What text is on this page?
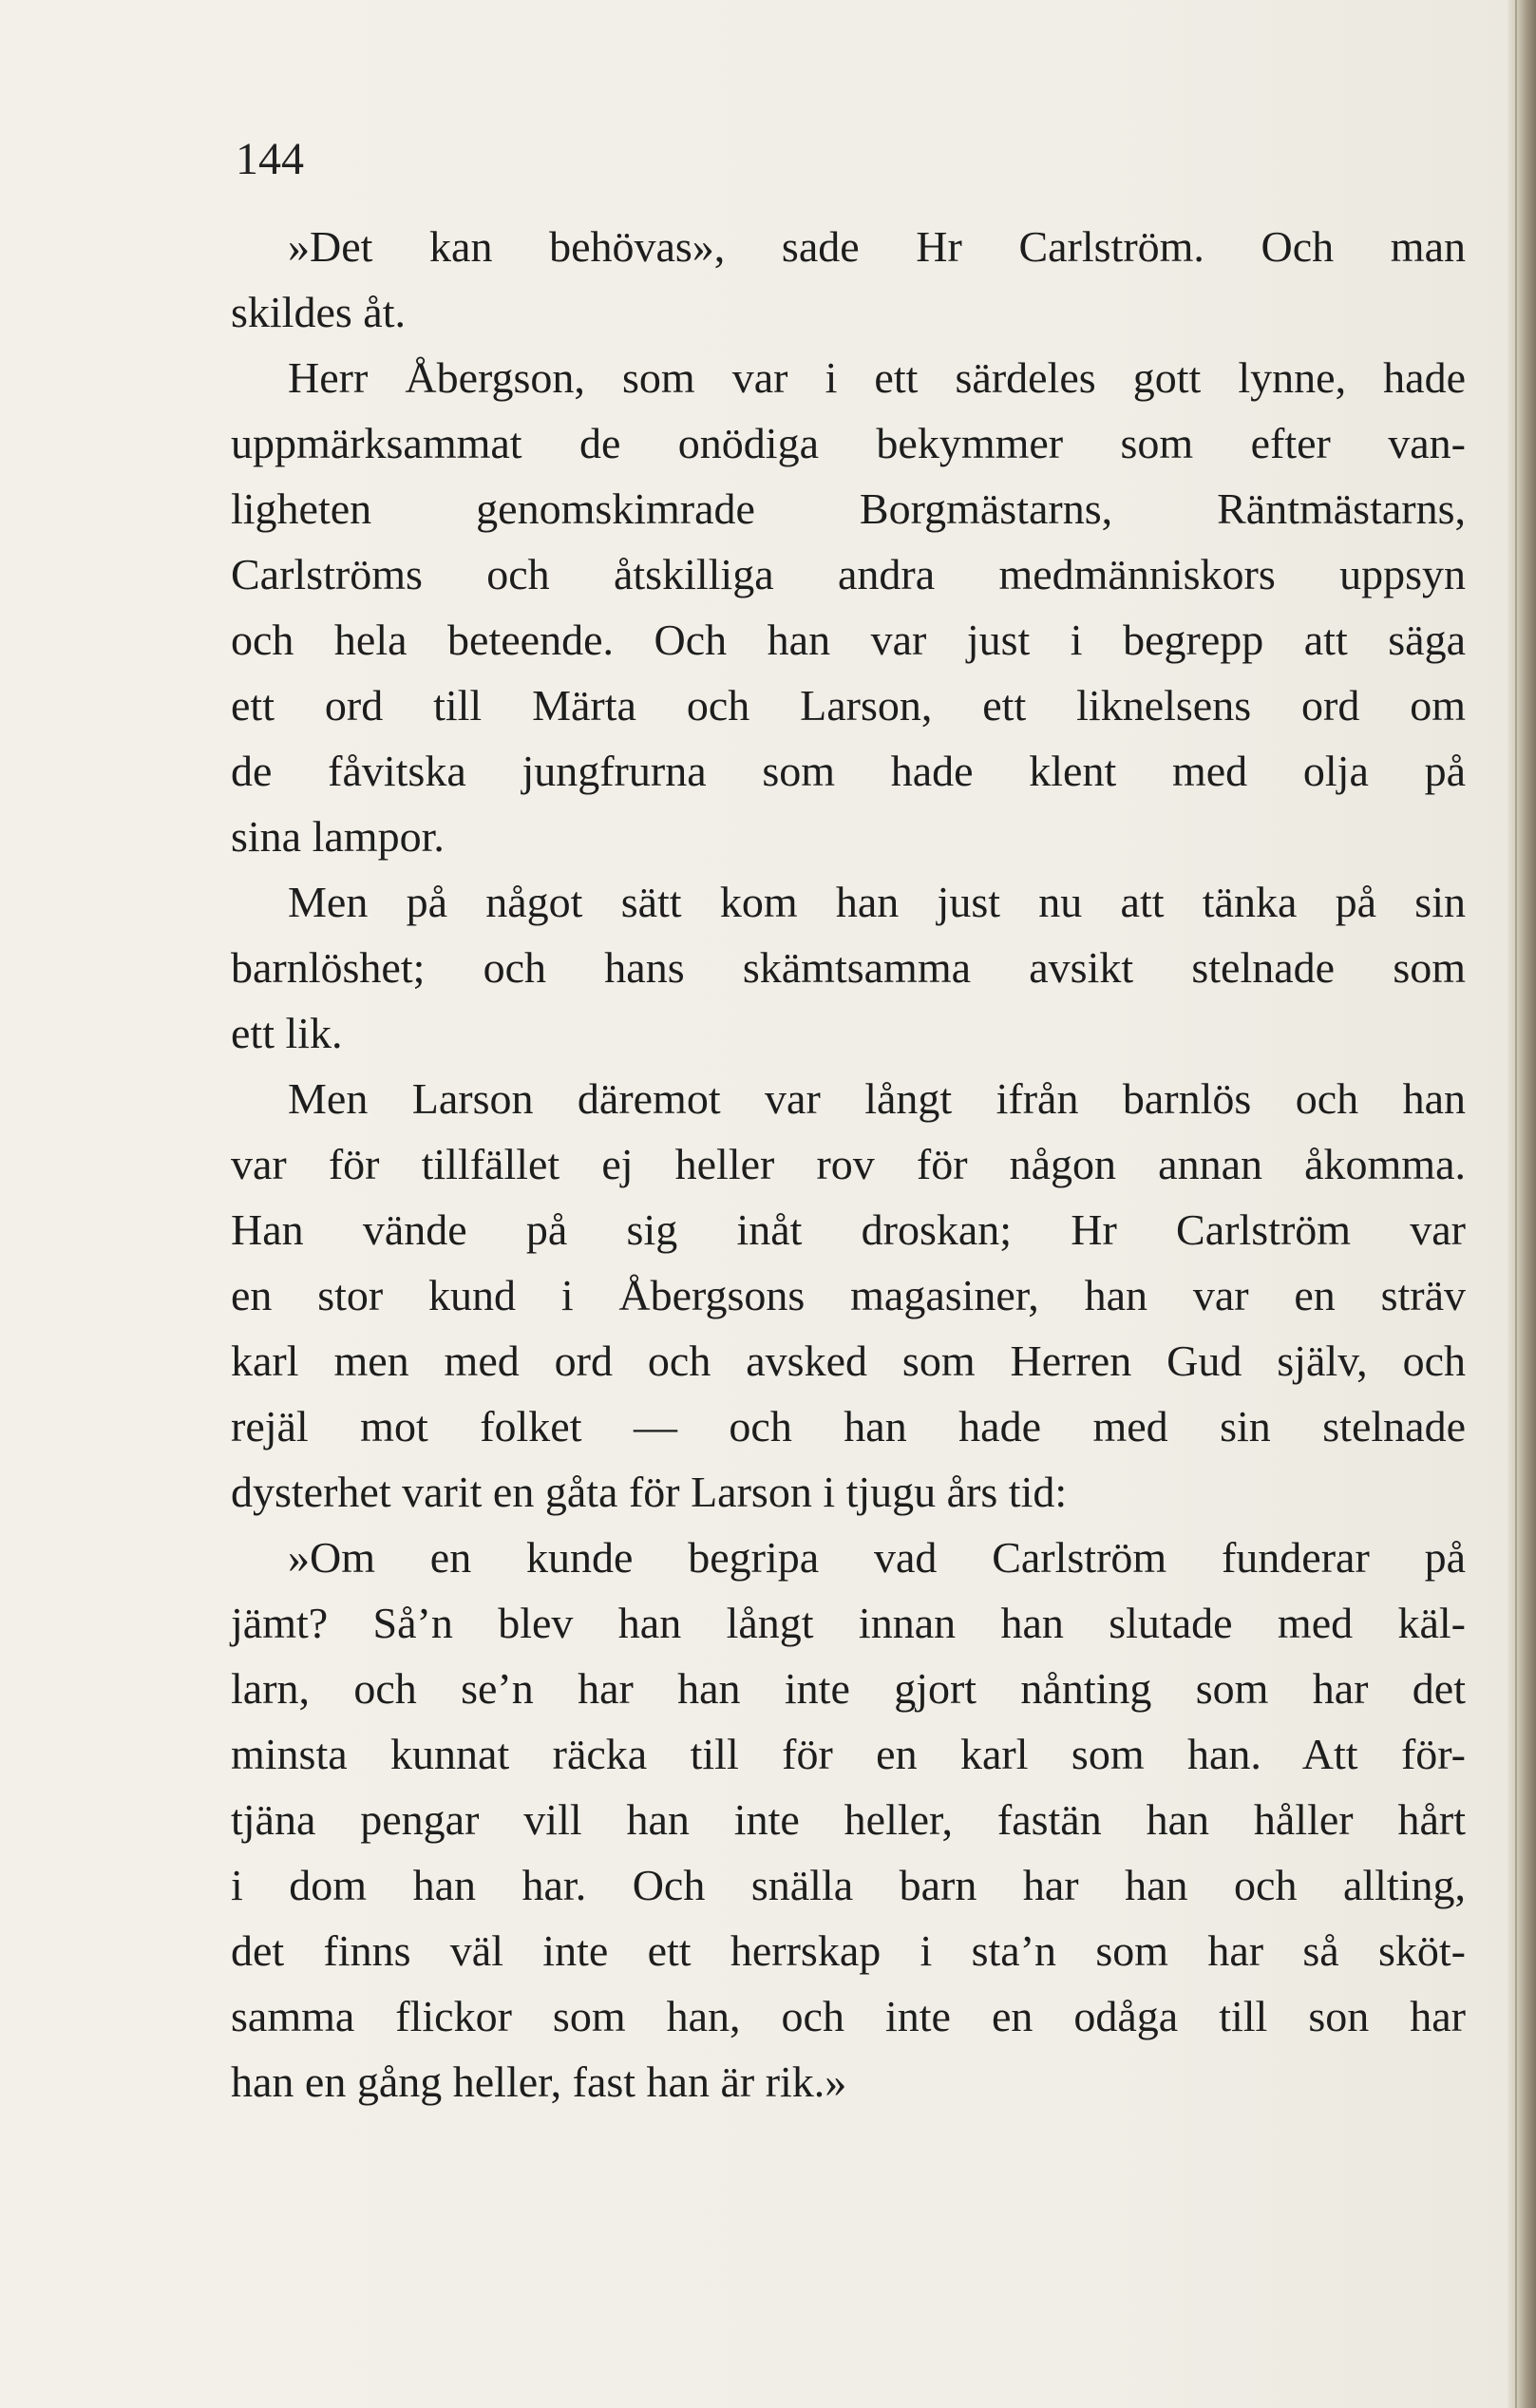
144
»Det kan behövas», sade Hr Carlström. Och man
skildes åt.
Herr Åbergson, som var i ett särdeles gott lynne, hade
uppmärksammat de onödiga bekymmer som efter van-
ligheten genomskimrade Borgmästarns, Räntmästarns,
Carlströms och åtskilliga andra medmänniskors uppsyn
och hela beteende. Och han var just i begrepp att säga
ett ord till Märta och Larson, ett liknelsens ord om
de fåvitska jungfrurna som hade klent med olja på
sina lampor.
Men på något sätt kom han just nu att tänka på sin
barnlöshet; och hans skämtsamma avsikt stelnade som
ett lik.
Men Larson däremot var långt ifrån barnlös och han
var för tillfället ej heller rov för någon annan åkomma.
Han vände på sig inåt droskan; Hr Carlström var
en stor kund i Åbergsons magasiner, han var en sträv
karl men med ord och avsked som Herren Gud själv, och
rejäl mot folket — och han hade med sin stelnade
dysterhet varit en gåta för Larson i tjugu års tid:
»Om en kunde begripa vad Carlström funderar på
jämt? Så’n blev han långt innan han slutade med käl-
larn, och se’n har han inte gjort nånting som har det
minsta kunnat räcka till för en karl som han. Att för-
tjäna pengar vill han inte heller, fastän han håller hårt
i dom han har. Och snälla barn har han och allting,
det finns väl inte ett herrskap i sta’n som har så sköt-
samma flickor som han, och inte en odåga till son har
han en gång heller, fast han är rik.»
